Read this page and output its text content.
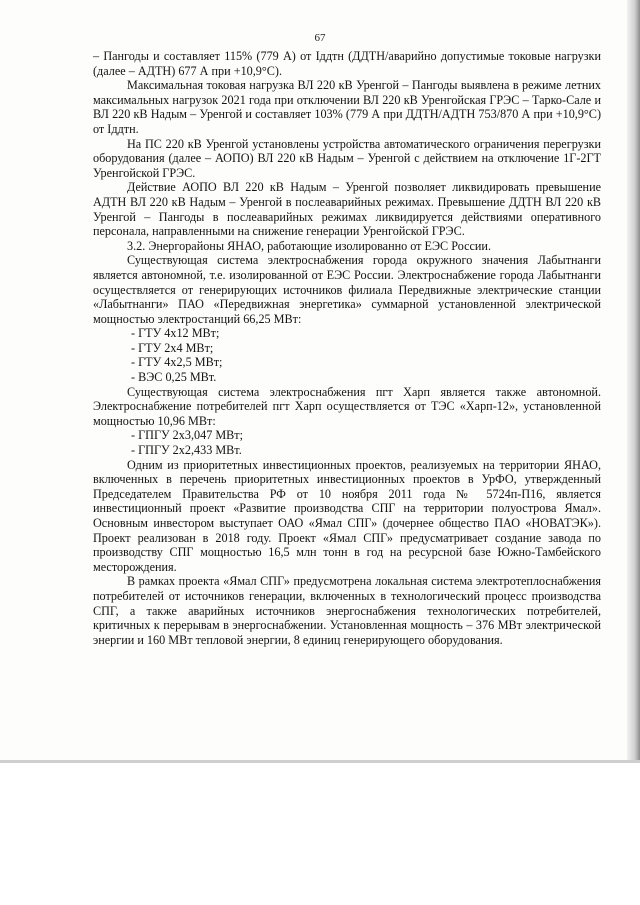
67

– Пангоды и составляет 115% (779 А) от Iддтн (ДДТН/аварийно допустимые токовые нагрузки (далее – АДТН) 677 А при +10,9°С).

Максимальная токовая нагрузка ВЛ 220 кВ Уренгой – Пангоды выявлена в режиме летних максимальных нагрузок 2021 года при отключении ВЛ 220 кВ Уренгойская ГРЭС – Тарко-Сале и ВЛ 220 кВ Надым – Уренгой и составляет 103% (779 А при ДДТН/АДТН 753/870 А при +10,9°С) от Iддтн.

На ПС 220 кВ Уренгой установлены устройства автоматического ограничения перегрузки оборудования (далее – АОПО) ВЛ 220 кВ Надым – Уренгой с действием на отключение 1Г-2ГТ Уренгойской ГРЭС.

Действие АОПО ВЛ 220 кВ Надым – Уренгой позволяет ликвидировать превышение АДТН ВЛ 220 кВ Надым – Уренгой в послеаварийных режимах. Превышение ДДТН ВЛ 220 кВ Уренгой – Пангоды в послеаварийных режимах ликвидируется действиями оперативного персонала, направленными на снижение генерации Уренгойской ГРЭС.

3.2. Энергорайоны ЯНАО, работающие изолированно от ЕЭС России.

Существующая система электроснабжения города окружного значения Лабытнанги является автономной, т.е. изолированной от ЕЭС России. Электроснабжение города Лабытнанги осуществляется от генерирующих источников филиала Передвижные электрические станции «Лабытнанги» ПАО «Передвижная энергетика» суммарной установленной электрической мощностью электростанций 66,25 МВт:

- ГТУ 4х12 МВт;
- ГТУ 2х4 МВт;
- ГТУ 4х2,5 МВт;
- ВЭС 0,25 МВт.

Существующая система электроснабжения пгт Харп является также автономной. Электроснабжение потребителей пгт Харп осуществляется от ТЭС «Харп-12», установленной мощностью 10,96 МВт:

- ГПГУ 2х3,047 МВт;
- ГПГУ 2х2,433 МВт.

Одним из приоритетных инвестиционных проектов, реализуемых на территории ЯНАО, включенных в перечень приоритетных инвестиционных проектов в УрФО, утвержденный Председателем Правительства РФ от 10 ноября 2011 года № 5724п-П16, является инвестиционный проект «Развитие производства СПГ на территории полуострова Ямал». Основным инвестором выступает ОАО «Ямал СПГ» (дочернее общество ПАО «НОВАТЭК»). Проект реализован в 2018 году. Проект «Ямал СПГ» предусматривает создание завода по производству СПГ мощностью 16,5 млн тонн в год на ресурсной базе Южно-Тамбейского месторождения.

В рамках проекта «Ямал СПГ» предусмотрена локальная система электротеплоснабжения потребителей от источников генерации, включенных в технологический процесс производства СПГ, а также аварийных источников энергоснабжения технологических потребителей, критичных к перерывам в энергоснабжении. Установленная мощность – 376 МВт электрической энергии и 160 МВт тепловой энергии, 8 единиц генерирующего оборудования.
